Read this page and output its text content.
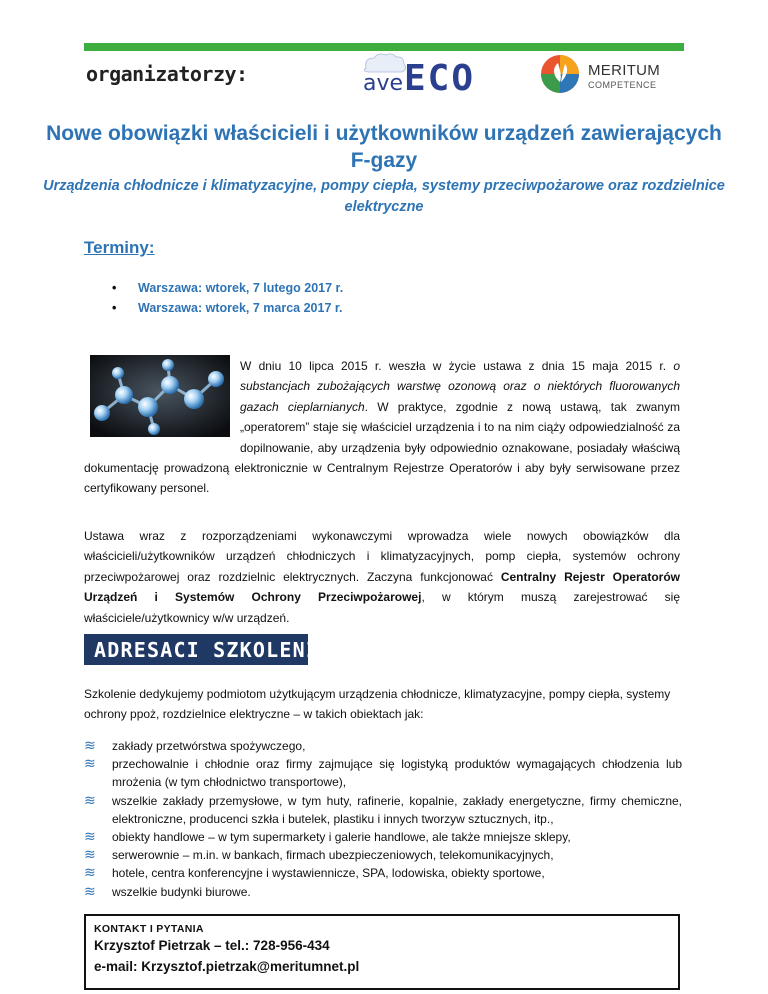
organizatorzy:	ave ECO	MERITUM
COMPETENCE
Nowe obowiązki właścicieli i użytkowników urządzeń zawierających F-gazy
Urządzenia chłodnicze i klimatyzacyjne, pompy ciepła, systemy przeciwpożarowe oraz rozdzielnice elektryczne
Terminy:
• Warszawa: wtorek, 7 lutego 2017 r.
• Warszawa: wtorek, 7 marca 2017 r.

W dniu 10 lipca 2015 r. weszła w życie ustawa z dnia 15 maja 2015 r. o substancjach zubożających warstwę ozonową oraz o niektórych fluorowanych gazach cieplarnianych. W praktyce, zgodnie z nową ustawą, tak zwanym „operatorem” staje się właściciel urządzenia i to na nim ciąży odpowiedzialność za dopilnowanie, aby urządzenia były odpowiednio oznakowane, posiadały właściwą dokumentację prowadzoną elektronicznie w Centralnym Rejestrze Operatorów i aby były serwisowane przez certyfikowany personel.

Ustawa wraz z rozporządzeniami wykonawczymi wprowadza wiele nowych obowiązków dla właścicieli/użytkowników urządzeń chłodniczych i klimatyzacyjnych, pomp ciepła, systemów ochrony przeciwpożarowej oraz rozdzielnic elektrycznych. Zaczyna funkcjonować Centralny Rejestr Operatorów Urządzeń i Systemów Ochrony Przeciwpożarowej, w którym muszą zarejestrować się właściciele/użytkownicy w/w urządzeń.

ADRESACI SZKOLENIA

Szkolenie dedykujemy podmiotom użytkującym urządzenia chłodnicze, klimatyzacyjne, pompy ciepła, systemy ochrony ppoż, rozdzielnice elektryczne – w takich obiektach jak:

≋ zakłady przetwórstwa spożywczego,
≋ przechowalnie i chłodnie oraz firmy zajmujące się logistyką produktów wymagających chłodzenia lub mrożenia (w tym chłodnictwo transportowe),
≋ wszelkie zakłady przemysłowe, w tym huty, rafinerie, kopalnie, zakłady energetyczne, firmy chemiczne, elektroniczne, producenci szkła i butelek, plastiku i innych tworzyw sztucznych, itp.,
≋ obiekty handlowe – w tym supermarkety i galerie handlowe, ale także mniejsze sklepy,
≋ serwerownie – m.in. w bankach, firmach ubezpieczeniowych, telekomunikacyjnych,
≋ hotele, centra konferencyjne i wystawiennicze, SPA, lodowiska, obiekty sportowe,
≋ wszelkie budynki biurowe.
KONTAKT I PYTANIA
Krzysztof Pietrzak – tel.: 728-956-434
e-mail: Krzysztof.pietrzak@meritumnet.pl
